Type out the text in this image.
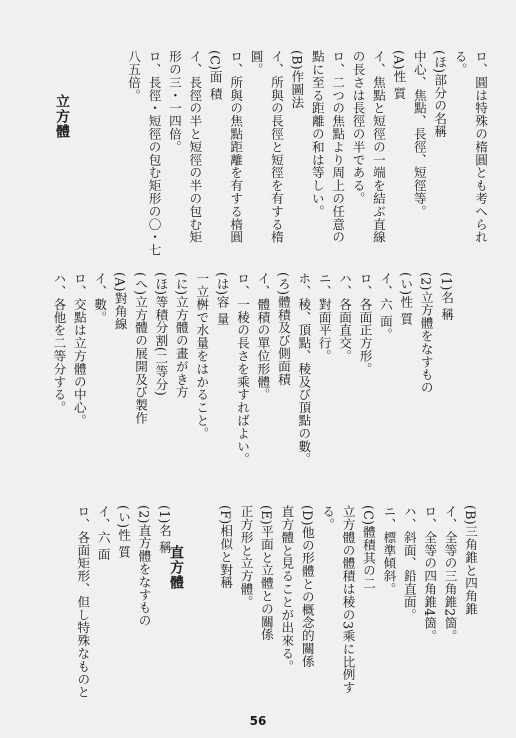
ロ、圓は特殊の楕圓とも考へられ
る。
(ほ)部分の名稱
中心、焦點、長徑、短徑等。
(A)性 質
イ、焦點と短徑の一端を結ぶ直線
の長さは長徑の半である。
ロ、二つの焦點より周上の任意の
點に至る距離の和は等しい。
(B)作圖法
イ、所與の長徑と短徑を有する楕
圓。
ロ、所與の焦點距離を有する楕圓
(C)面 積
イ、長徑の半と短徑の半の包む矩
形の三・一四倍。
ロ、長徑・短徑の包む矩形の〇・七
八五倍。
立方體
(1)名 稱
(2)立方體をなすもの
(い)性 質
イ、六 面。
ロ、各面正方形。
ハ、各面直交。
ニ、對面平行。
ホ、稜、頂點、稜及び頂點の數。
(ろ)體積及び側面積
イ、體積の單位形體。
ロ、一稜の長さを乘すればよい。
(は)容 量
一立桝で水量をはかること。
(に)立方體の畫がき方
(ほ)等積分割(二等分)
(へ)立方體の展開及び製作
(A)對角線
イ、數。
ロ、交點は立方體の中心。
ハ、各他を二等分する。
(B)三角錐と四角錐
イ、全等の三角錐2箇。
ロ、全等の四角錐4箇。
ハ、斜面、鉛直面。
ニ、標準傾斜。
(C)體積其の二
立方體の體積は稜の3乘に比例す
る。
(D)他の形體との概念的關係
直方體と見ることが出來る。
(E)平面と立體との關係
正方形と立方體。
(F)相似と對稱

(1)名 稱
(2)直方體をなすもの
(い)性 質
イ、六 面
ロ、各面矩形、但し特殊なものと	直方體
56
